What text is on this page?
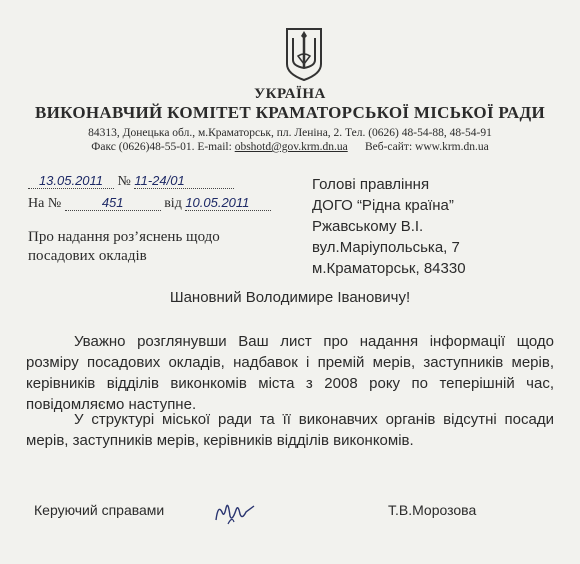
УКРАЇНА
ВИКОНАВЧИЙ КОМІТЕТ КРАМАТОРСЬКОЇ МІСЬКОЇ РАДИ
84313, Донецька обл., м.Краматорськ, пл. Леніна, 2. Тел. (0626) 48-54-88, 48-54-91
Факс (0626)48-55-01. E-mail: obshotd@gov.krm.dn.ua Веб-сайт: www.krm.dn.ua
13.05.2011 № 11-24/01
На №	451	від 10.05.2011
Про надання роз’яснень щодо
посадових окладів
Голові правління
ДОГО “Рідна країна”
Ржавському В.І.
вул.Маріупольська, 7
м.Краматорськ, 84330
Шановний Володимире Івановичу!
Уважно розглянувши Ваш лист про надання інформації щодо розміру посадових окладів, надбавок і премій мерів, заступників мерів, керівників відділів виконкомів міста з 2008 року по теперішній час, повідомляємо наступне.
У структурі міської ради та її виконавчих органів відсутні посади мерів, заступників мерів, керівників відділів виконкомів.
Керуючий справами	Т.В.Морозова
